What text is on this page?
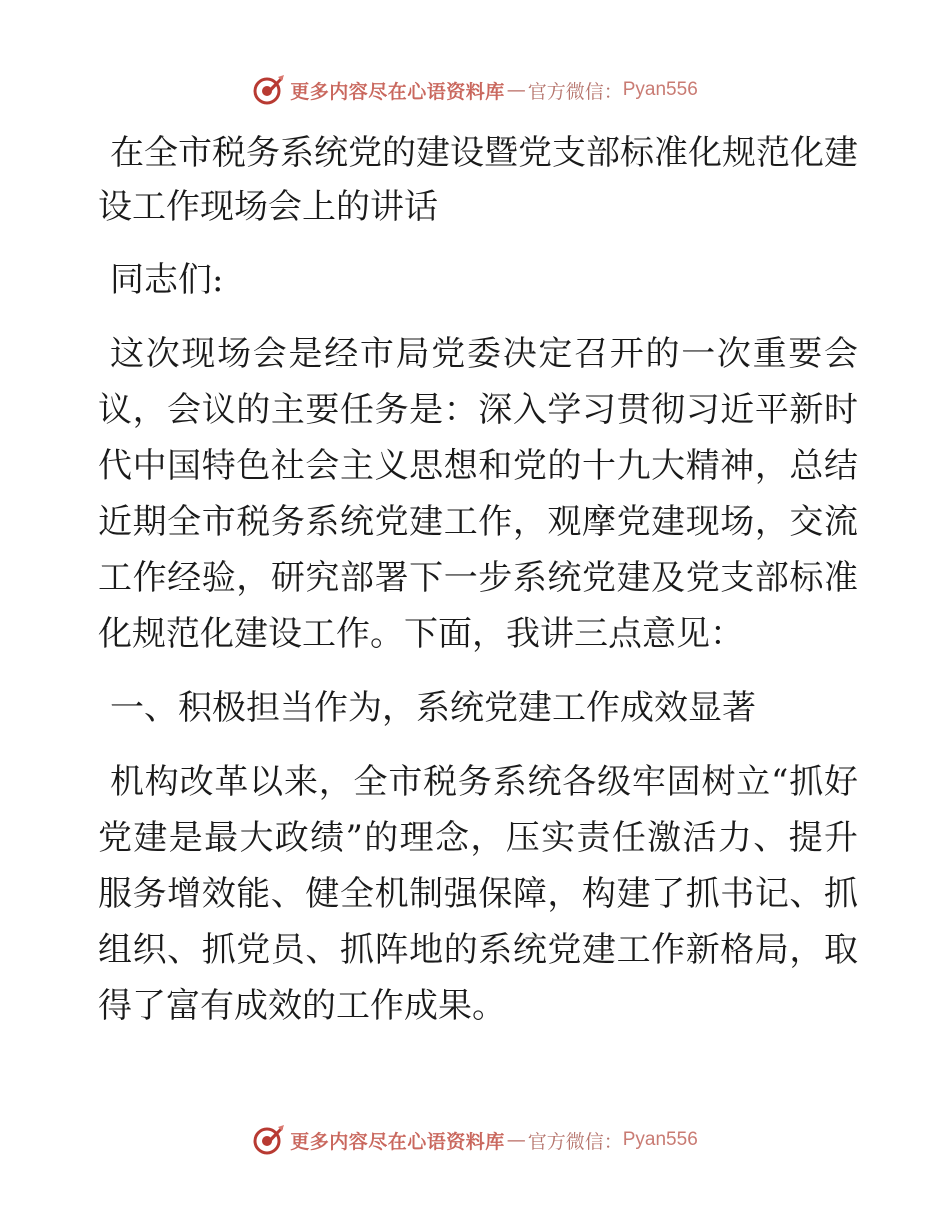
更多内容尽在心语资料库 — 官方微信： Pyan556
在全市税务系统党的建设暨党支部标准化规范化建设工作现场会上的讲话

同志们:

这次现场会是经市局党委决定召开的一次重要会议，会议的主要任务是：深入学习贯彻习近平新时代中国特色社会主义思想和党的十九大精神，总结近期全市税务系统党建工作，观摩党建现场，交流工作经验，研究部署下一步系统党建及党支部标准化规范化建设工作。下面，我讲三点意见：

一、积极担当作为，系统党建工作成效显著

机构改革以来，全市税务系统各级牢固树立“抓好党建是最大政绩”的理念，压实责任激活力、提升服务增效能、健全机制强保障，构建了抓书记、抓组织、抓党员、抓阵地的系统党建工作新格局，取得了富有成效的工作成果。

更多内容尽在心语资料库 — 官方微信： Pyan556
